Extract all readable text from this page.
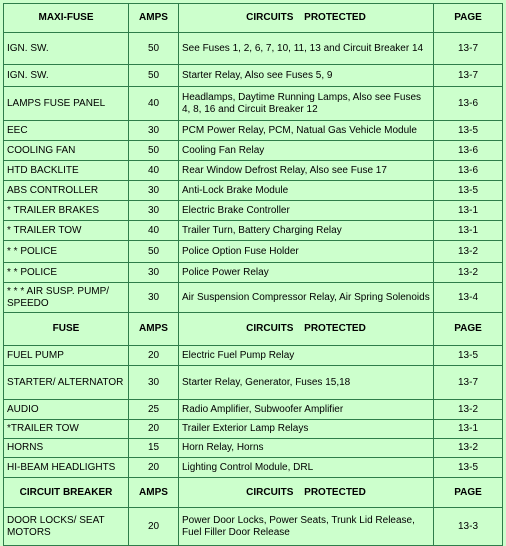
MAXI-FUSE	AMPS	CIRCUITS PROTECTED	PAGE
IGN. SW.	50	See Fuses 1, 2, 6, 7, 10, 11, 13 and Circuit Breaker 14	13-7
IGN. SW.	50	Starter Relay, Also see Fuses 5, 9	13-7
LAMPS FUSE PANEL	40	Headlamps, Daytime Running Lamps, Also see Fuses 4, 8, 16 and Circuit Breaker 12	13-6
EEC	30	PCM Power Relay, PCM, Natual Gas Vehicle Module	13-5
COOLING FAN	50	Cooling Fan Relay	13-6
HTD BACKLITE	40	Rear Window Defrost Relay, Also see Fuse 17	13-6
ABS CONTROLLER	30	Anti-Lock Brake Module	13-5
* TRAILER BRAKES	30	Electric Brake Controller	13-1
* TRAILER TOW	40	Trailer Turn, Battery Charging Relay	13-1
* * POLICE	50	Police Option Fuse Holder	13-2
* * POLICE	30	Police Power Relay	13-2
* * * AIR SUSP. PUMP/ SPEEDO	30	Air Suspension Compressor Relay, Air Spring Solenoids	13-4
FUSE	AMPS	CIRCUITS PROTECTED	PAGE
FUEL PUMP	20	Electric Fuel Pump Relay	13-5
STARTER/ ALTERNATOR	30	Starter Relay, Generator, Fuses 15,18	13-7
AUDIO	25	Radio Amplifier, Subwoofer Amplifier	13-2
*TRAILER TOW	20	Trailer Exterior Lamp Relays	13-1
HORNS	15	Horn Relay, Horns	13-2
HI-BEAM HEADLIGHTS	20	Lighting Control Module, DRL	13-5
CIRCUIT BREAKER	AMPS	CIRCUITS PROTECTED	PAGE
DOOR LOCKS/ SEAT MOTORS	20	Power Door Locks, Power Seats, Trunk Lid Release, Fuel Filler Door Release	13-3
